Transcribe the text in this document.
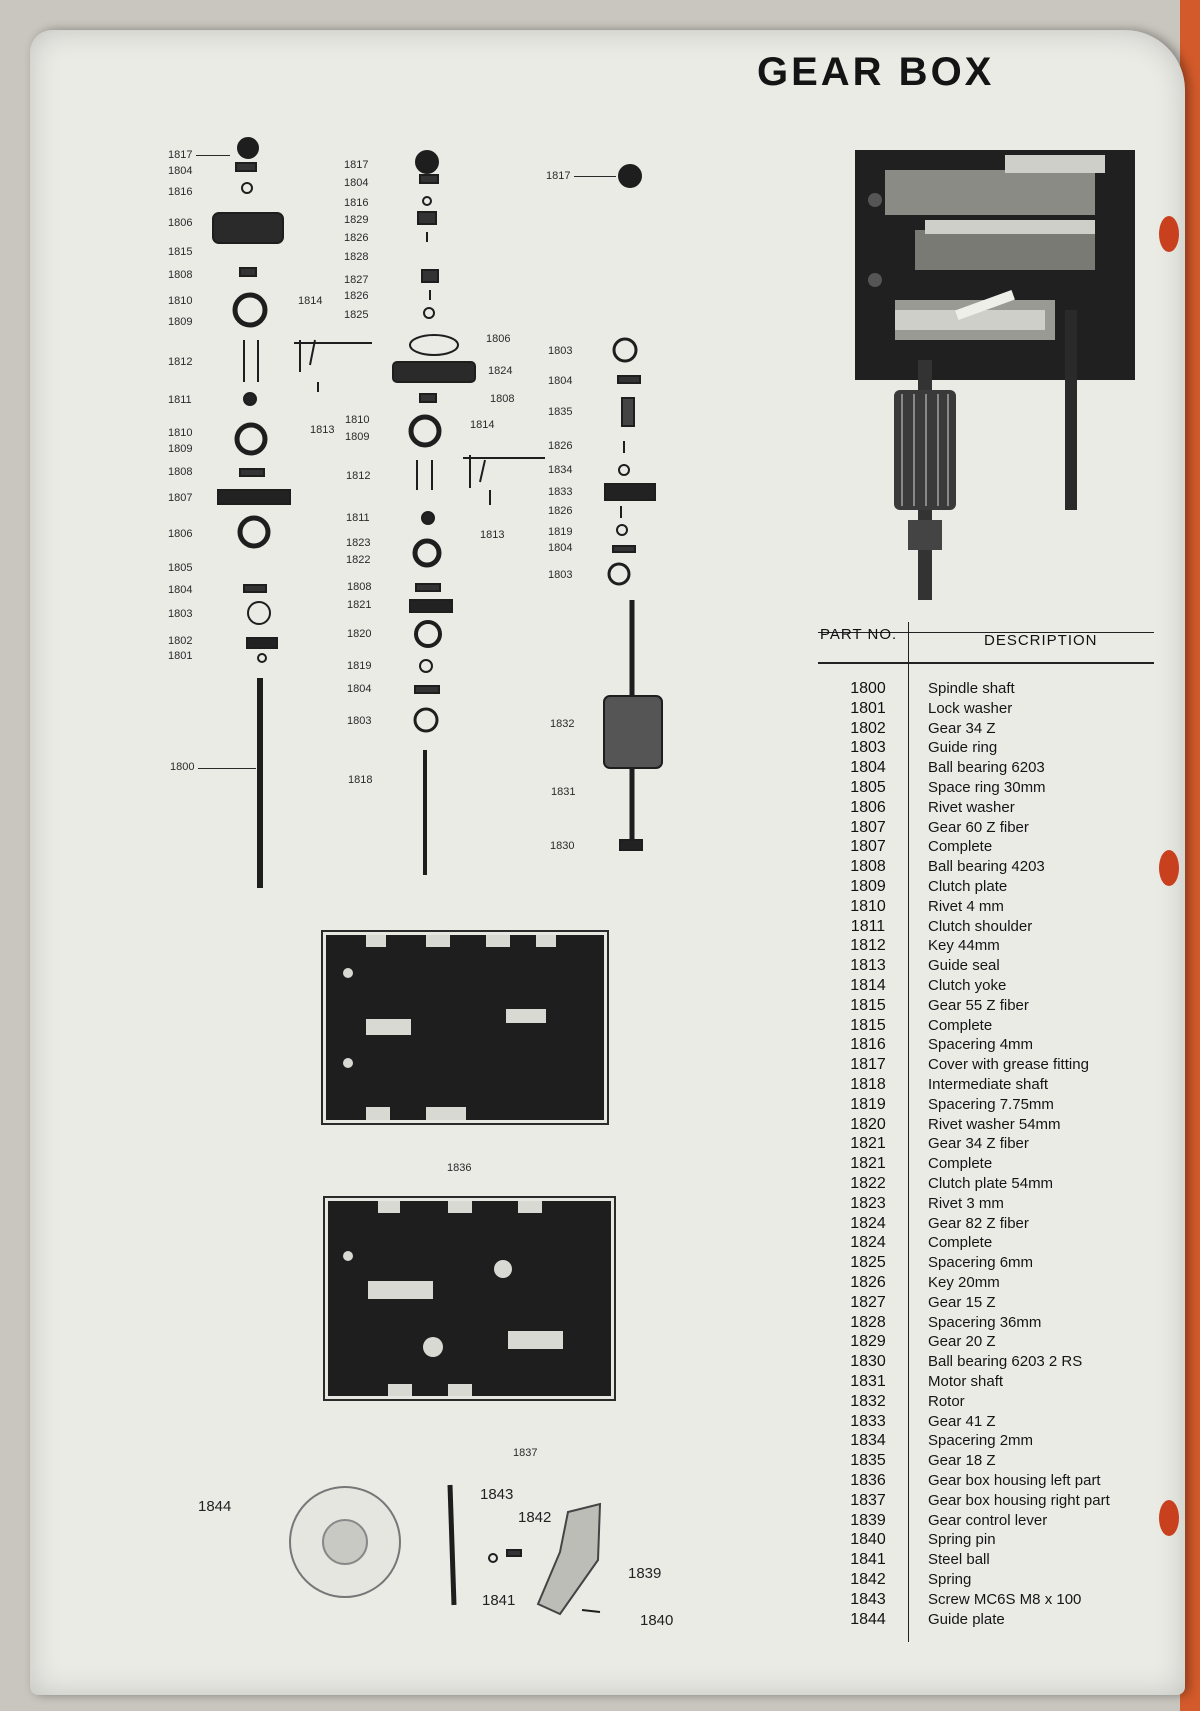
GEAR BOX
1817
1804
1816
1806
1815
1808
1810
1809
1812
1811
1810
1809
1808
1807
1806
1805
1804
1803
1802
1801
1800
1814
1813
1817
1804
1816
1829
1826
1828
1827
1826
1825
1806
1824
1808
1810
1809
1812
1811
1823
1822
1808
1821
1820
1819
1804
1803
1818
1814
1813
1817
1803
1804
1835
1826
1834
1833
1826
1819
1804
1803
1832
1831
1830
1836
1837
1844
1843
1842
1841
1839
1840
PART NO.	DESCRIPTION
1800	Spindle shaft
1801	Lock washer
1802	Gear 34 Z
1803	Guide ring
1804	Ball bearing 6203
1805	Space ring 30mm
1806	Rivet washer
1807	Gear 60 Z fiber
1807	Complete
1808	Ball bearing 4203
1809	Clutch plate
1810	Rivet 4 mm
1811	Clutch shoulder
1812	Key 44mm
1813	Guide seal
1814	Clutch yoke
1815	Gear 55 Z fiber
1815	Complete
1816	Spacering 4mm
1817	Cover with grease fitting
1818	Intermediate shaft
1819	Spacering 7.75mm
1820	Rivet washer 54mm
1821	Gear 34 Z fiber
1821	Complete
1822	Clutch plate 54mm
1823	Rivet 3 mm
1824	Gear 82 Z fiber
1824	Complete
1825	Spacering 6mm
1826	Key 20mm
1827	Gear 15 Z
1828	Spacering 36mm
1829	Gear 20 Z
1830	Ball bearing 6203 2 RS
1831	Motor shaft
1832	Rotor
1833	Gear 41 Z
1834	Spacering 2mm
1835	Gear 18 Z
1836	Gear box housing left part
1837	Gear box housing right part
1839	Gear control lever
1840	Spring pin
1841	Steel ball
1842	Spring
1843	Screw MC6S M8 x 100
1844	Guide plate
